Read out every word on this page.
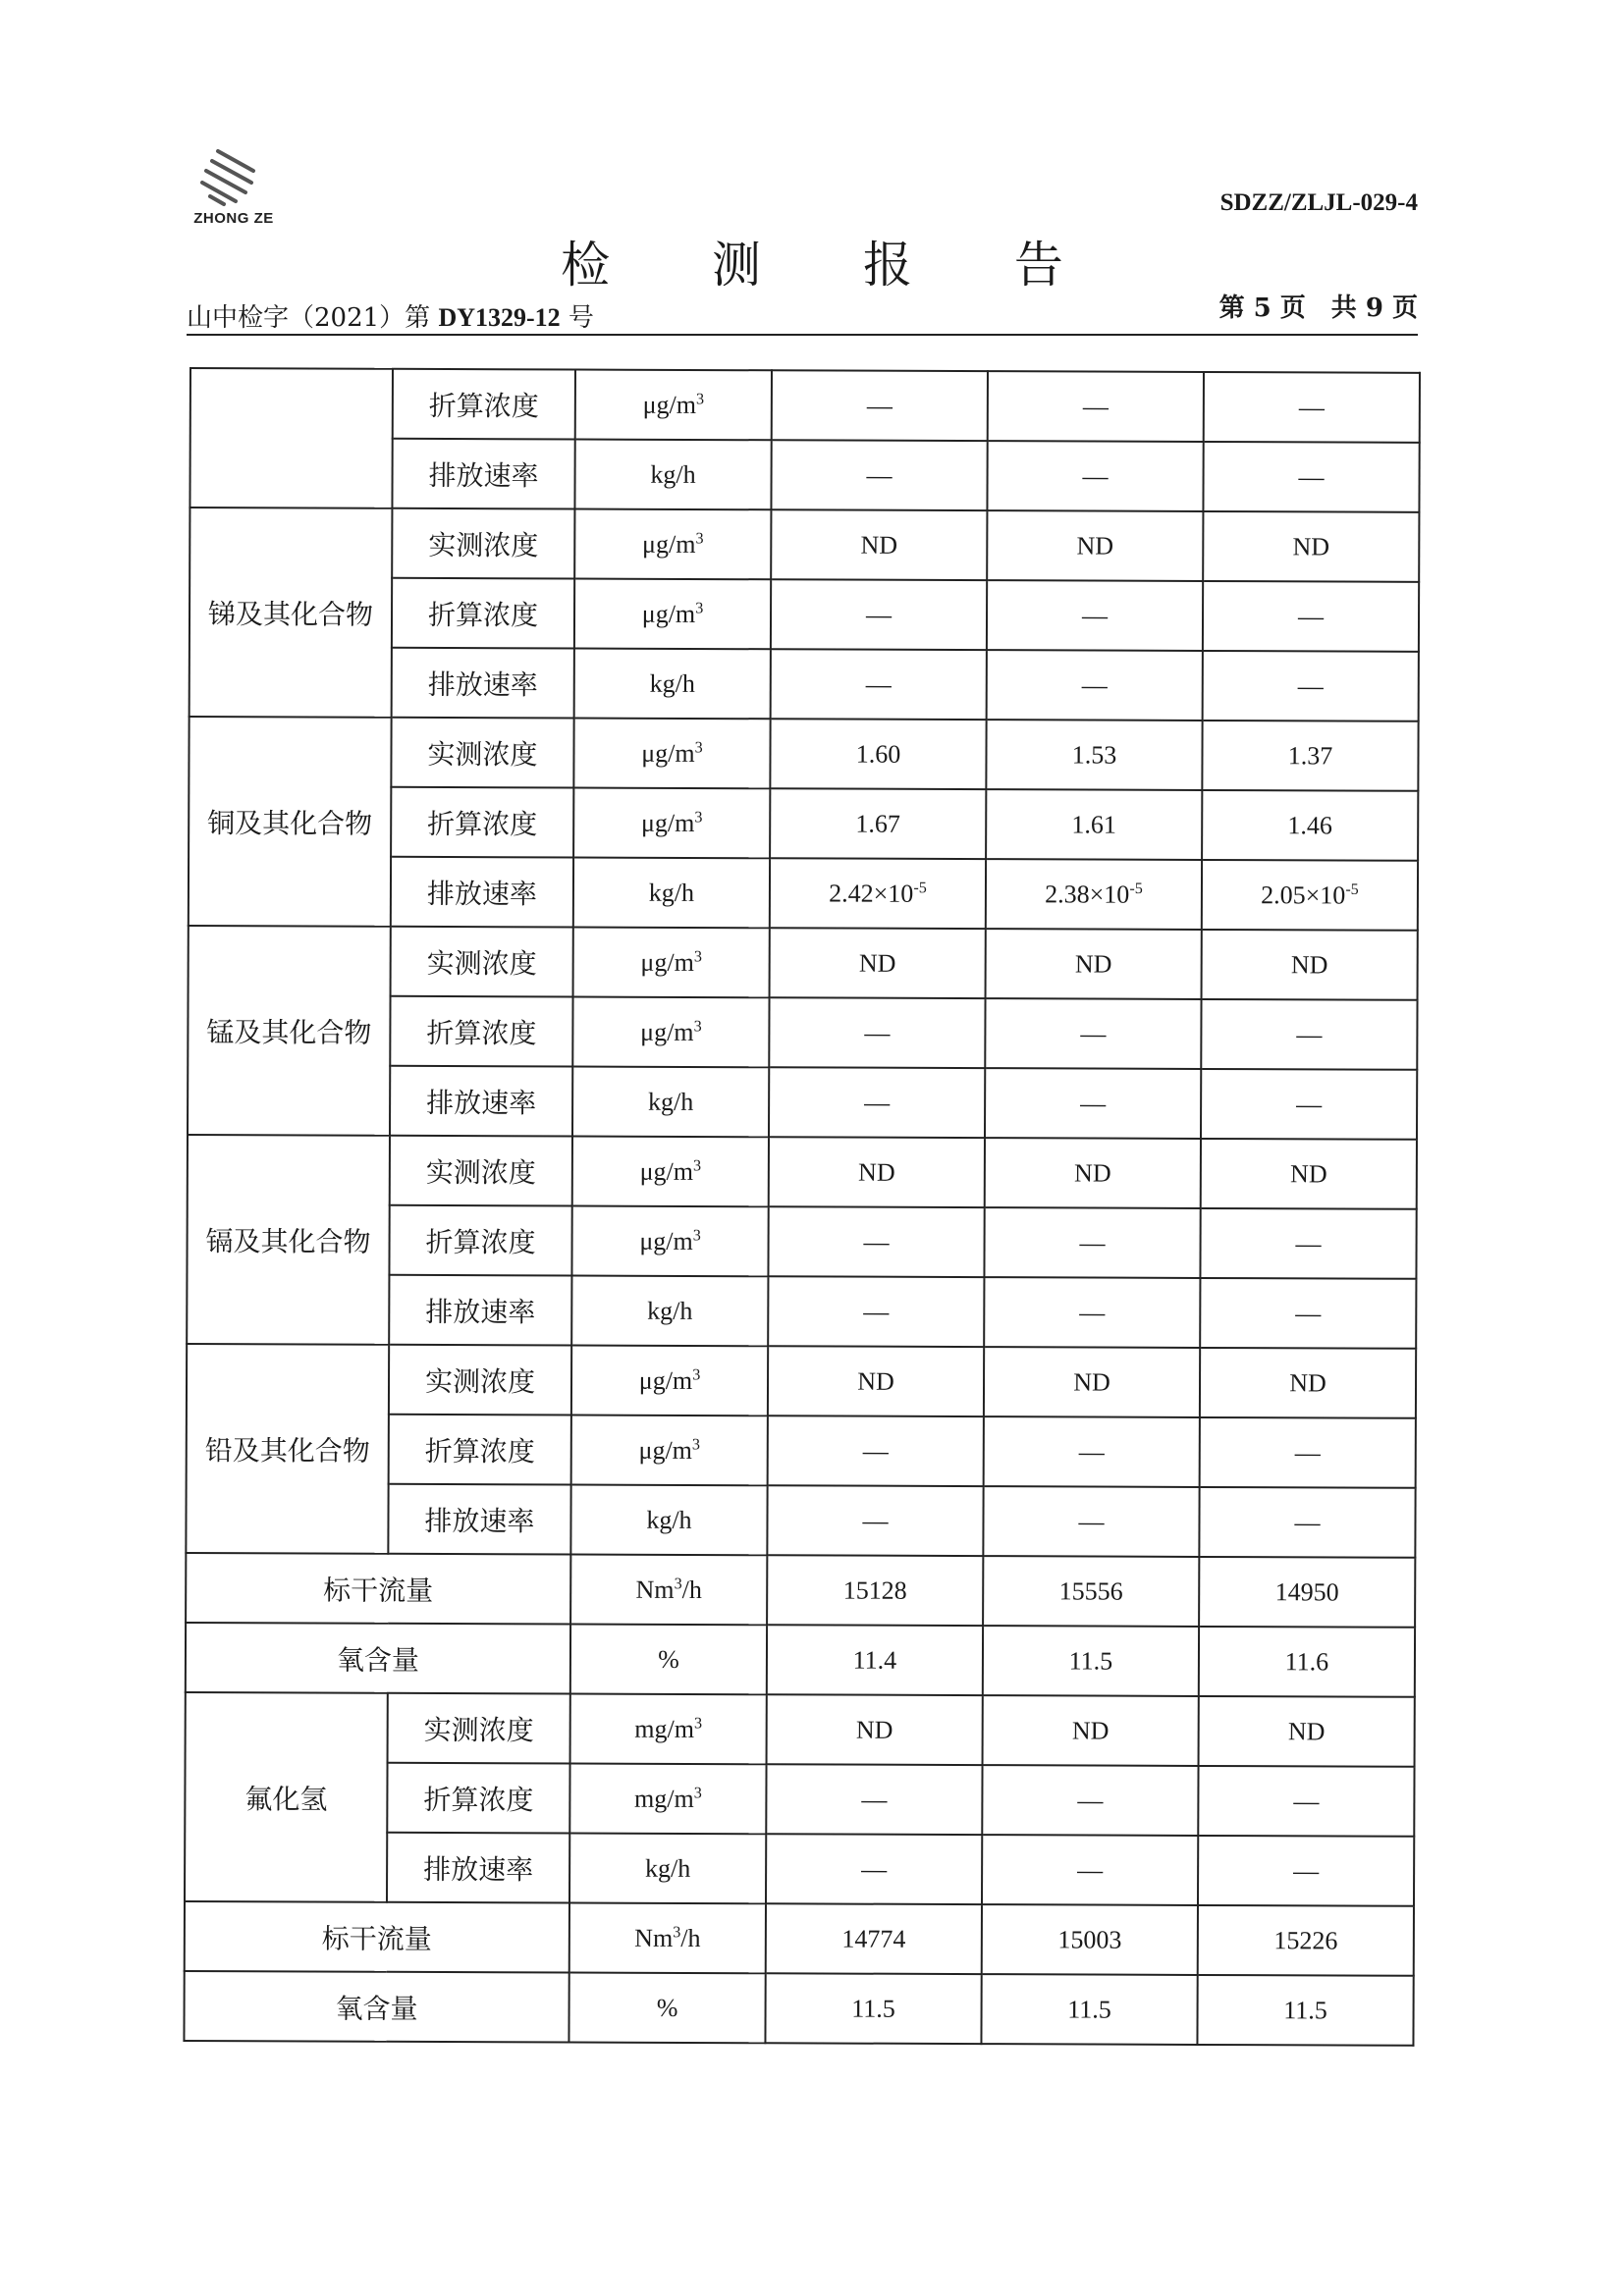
ZHONG ZE
SDZZ/ZLJL-029-4
检 测 报 告
山中检字（2021）第 DY1329-12 号	第 5 页　共 9 页
	折算浓度	$\mu g/m^3$	—	—	—
	排放速率	kg/h	—	—	—
锑及其化合物	实测浓度	$\mu g/m^3$	ND	ND	ND
	折算浓度	$\mu g/m^3$	—	—	—
	排放速率	kg/h	—	—	—
铜及其化合物	实测浓度	$\mu g/m^3$	1.60	1.53	1.37
	折算浓度	$\mu g/m^3$	1.67	1.61	1.46
	排放速率	kg/h	$2.42\times 10^{-5}$	$2.38\times 10^{-5}$	$2.05\times 10^{-5}$
锰及其化合物	实测浓度	$\mu g/m^3$	ND	ND	ND
	折算浓度	$\mu g/m^3$	—	—	—
	排放速率	kg/h	—	—	—
镉及其化合物	实测浓度	$\mu g/m^3$	ND	ND	ND
	折算浓度	$\mu g/m^3$	—	—	—
	排放速率	kg/h	—	—	—
铅及其化合物	实测浓度	$\mu g/m^3$	ND	ND	ND
	折算浓度	$\mu g/m^3$	—	—	—
	排放速率	kg/h	—	—	—
标干流量		Nm$^3$/h	15128	15556	14950
氧含量		%	11.4	11.5	11.6
氟化氢	实测浓度	$mg/m^3$	ND	ND	ND
	折算浓度	$mg/m^3$	—	—	—
	排放速率	kg/h	—	—	—
标干流量		Nm$^3$/h	14774	15003	15226
氧含量		%	11.5	11.5	11.5
